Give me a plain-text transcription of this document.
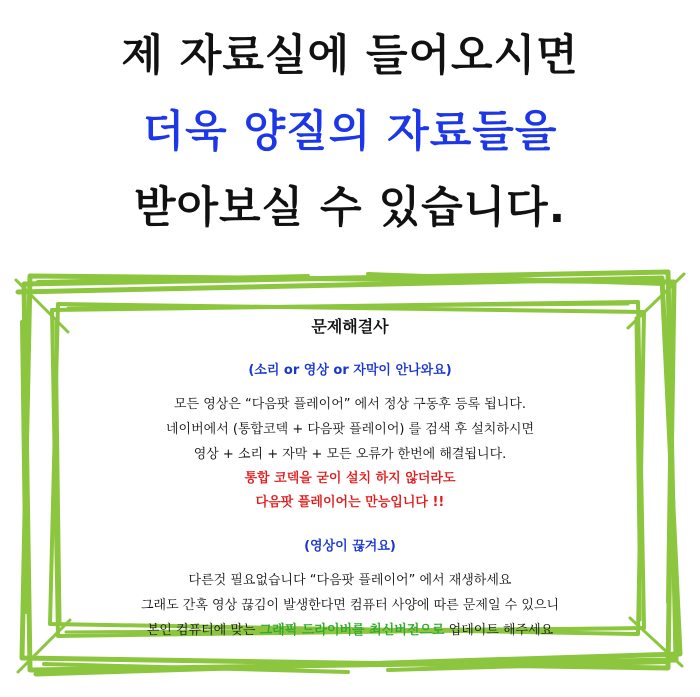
제 자료실에 들어오시면
더욱 양질의 자료들을
받아보실 수 있습니다.
문제해결사
(소리 or 영상 or 자막이 안나와요)

모든 영상은 “다음팟 플레이어” 에서 정상 구동후 등록 됩니다.

네이버에서 (통합코덱 + 다음팟 플레이어) 를 검색 후 설치하시면

영상 + 소리 + 자막 + 모든 오류가 한번에 해결됩니다.

통합 코덱을 굳이 설치 하지 않더라도

다음팟 플레이어는 만능입니다 !!

(영상이 끊겨요)

다른것 필요없습니다 “다음팟 플레이어” 에서 재생하세요

그래도 간혹 영상 끊김이 발생한다면 컴퓨터 사양에 따른 문제일 수 있으니

본인 컴퓨터에 맞는 그래픽 드라이버를 최신버전으로 업데이트 해주세요
